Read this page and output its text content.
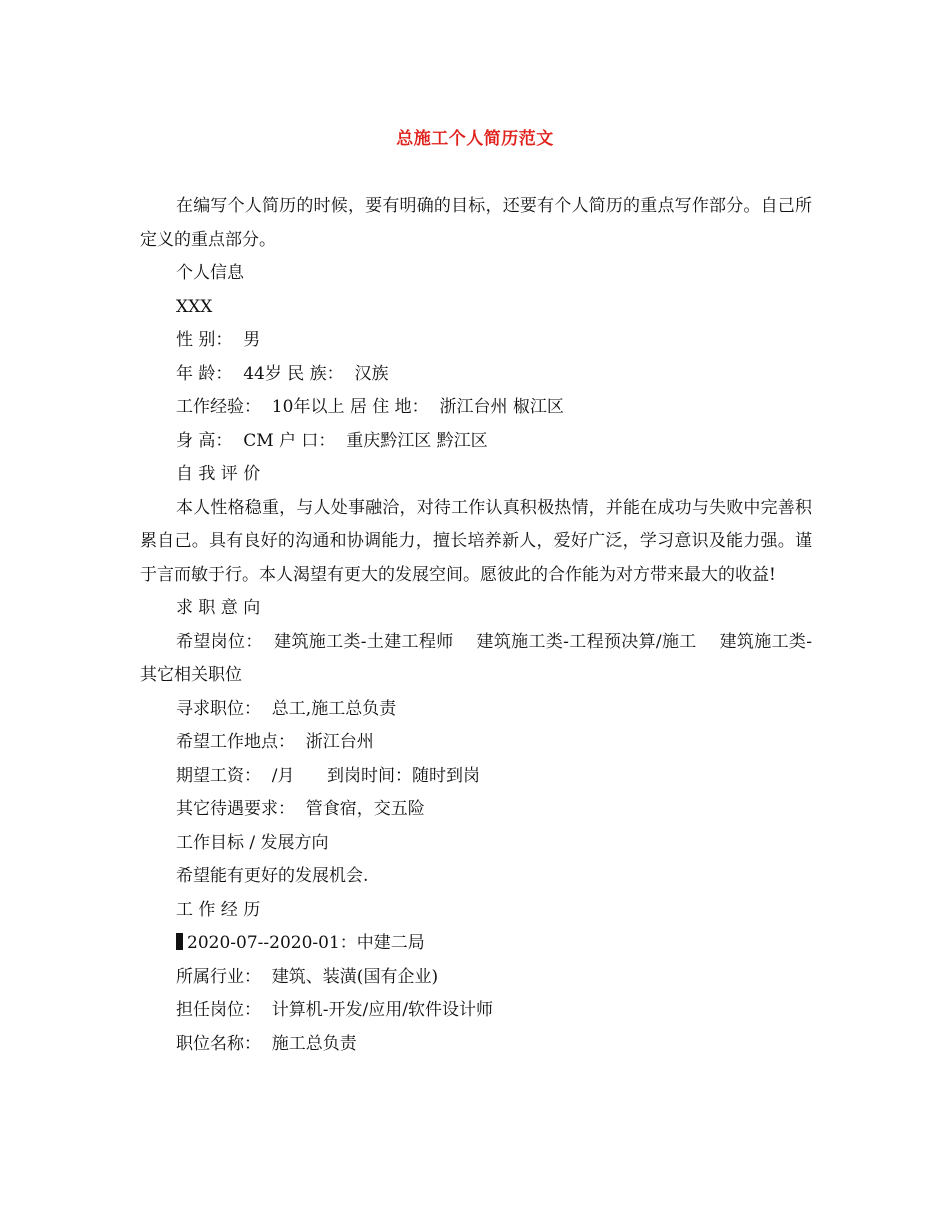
总施工个人简历范文

在编写个人简历的时候，要有明确的目标，还要有个人简历的重点写作部分。自己所定义的重点部分。

个人信息

XXX

性 别：  男

年 龄：  44岁 民 族：  汉族

工作经验：  10年以上 居 住 地：  浙江台州 椒江区

身 高：  CM 户 口：  重庆黔江区 黔江区

自 我 评 价

本人性格稳重，与人处事融洽，对待工作认真积极热情，并能在成功与失败中完善积累自己。具有良好的沟通和协调能力，擅长培养新人，爱好广泛，学习意识及能力强。谨于言而敏于行。本人渴望有更大的发展空间。愿彼此的合作能为对方带来最大的收益!

求 职 意 向

希望岗位：  建筑施工类-土建工程师    建筑施工类-工程预决算/施工    建筑施工类-其它相关职位

寻求职位：  总工,施工总负责

希望工作地点：  浙江台州

期望工资：  /月      到岗时间：随时到岗

其它待遇要求：  管食宿，交五险

工作目标 / 发展方向

希望能有更好的发展机会.

工 作 经 历

2020-07--2020-01：中建二局

所属行业：  建筑、装潢(国有企业)

担任岗位：  计算机-开发/应用/软件设计师

职位名称：  施工总负责
